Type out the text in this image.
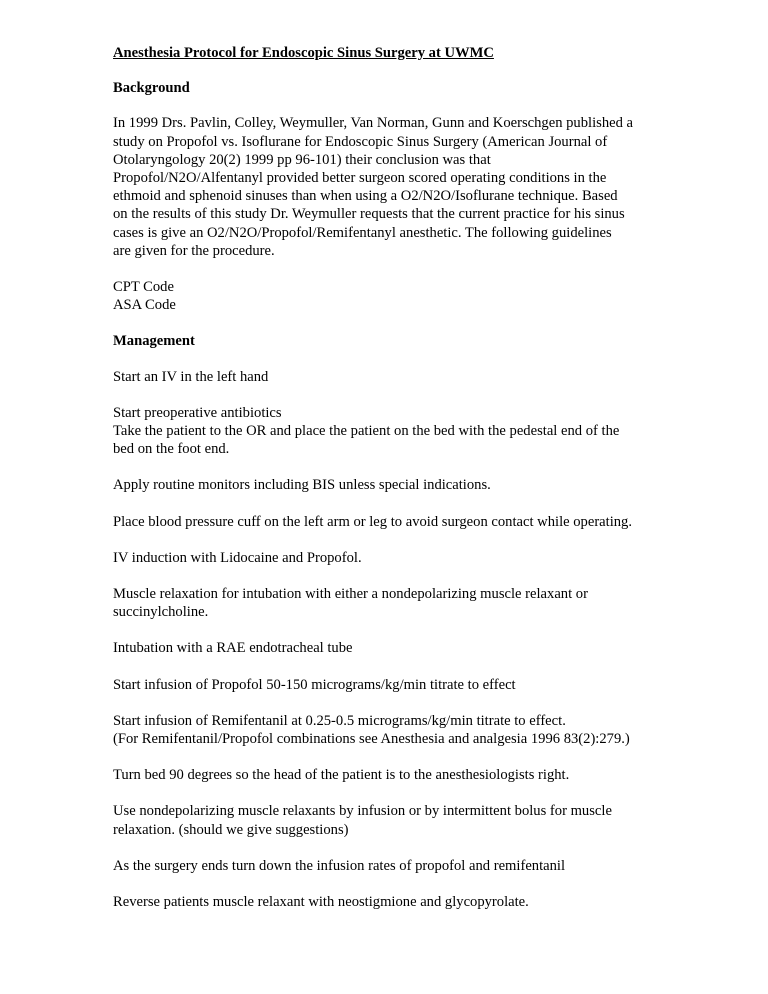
Anesthesia Protocol for Endoscopic Sinus Surgery at UWMC
Background
In 1999 Drs. Pavlin, Colley, Weymuller, Van Norman, Gunn and Koerschgen published a
study on Propofol vs. Isoflurane for Endoscopic Sinus Surgery (American Journal of
Otolaryngology 20(2) 1999 pp 96-101) their conclusion was that
Propofol/N2O/Alfentanyl provided better surgeon scored operating conditions in the
ethmoid and sphenoid sinuses than when using a O2/N2O/Isoflurane technique. Based
on the results of this study Dr. Weymuller requests that the current practice for his sinus
cases is give an O2/N2O/Propofol/Remifentanyl anesthetic. The following guidelines
are given for the procedure.
CPT Code
ASA Code
Management
Start an IV in the left hand
Start preoperative antibiotics
Take the patient to the OR and place the patient on the bed with the pedestal end of the
bed on the foot end.
Apply routine monitors including BIS unless special indications.
Place blood pressure cuff on the left arm or leg to avoid surgeon contact while operating.
IV induction with Lidocaine and Propofol.
Muscle relaxation for intubation with either a nondepolarizing muscle relaxant or
succinylcholine.
Intubation with a RAE endotracheal tube
Start infusion of Propofol 50-150 micrograms/kg/min titrate to effect
Start infusion of Remifentanil at 0.25-0.5 micrograms/kg/min titrate to effect.
(For Remifentanil/Propofol combinations see Anesthesia and analgesia 1996 83(2):279.)
Turn bed 90 degrees so the head of the patient is to the anesthesiologists right.
Use nondepolarizing muscle relaxants by infusion or by intermittent bolus for muscle
relaxation. (should we give suggestions)
As the surgery ends turn down the infusion rates of propofol and remifentanil
Reverse patients muscle relaxant with neostigmione and glycopyrolate.
